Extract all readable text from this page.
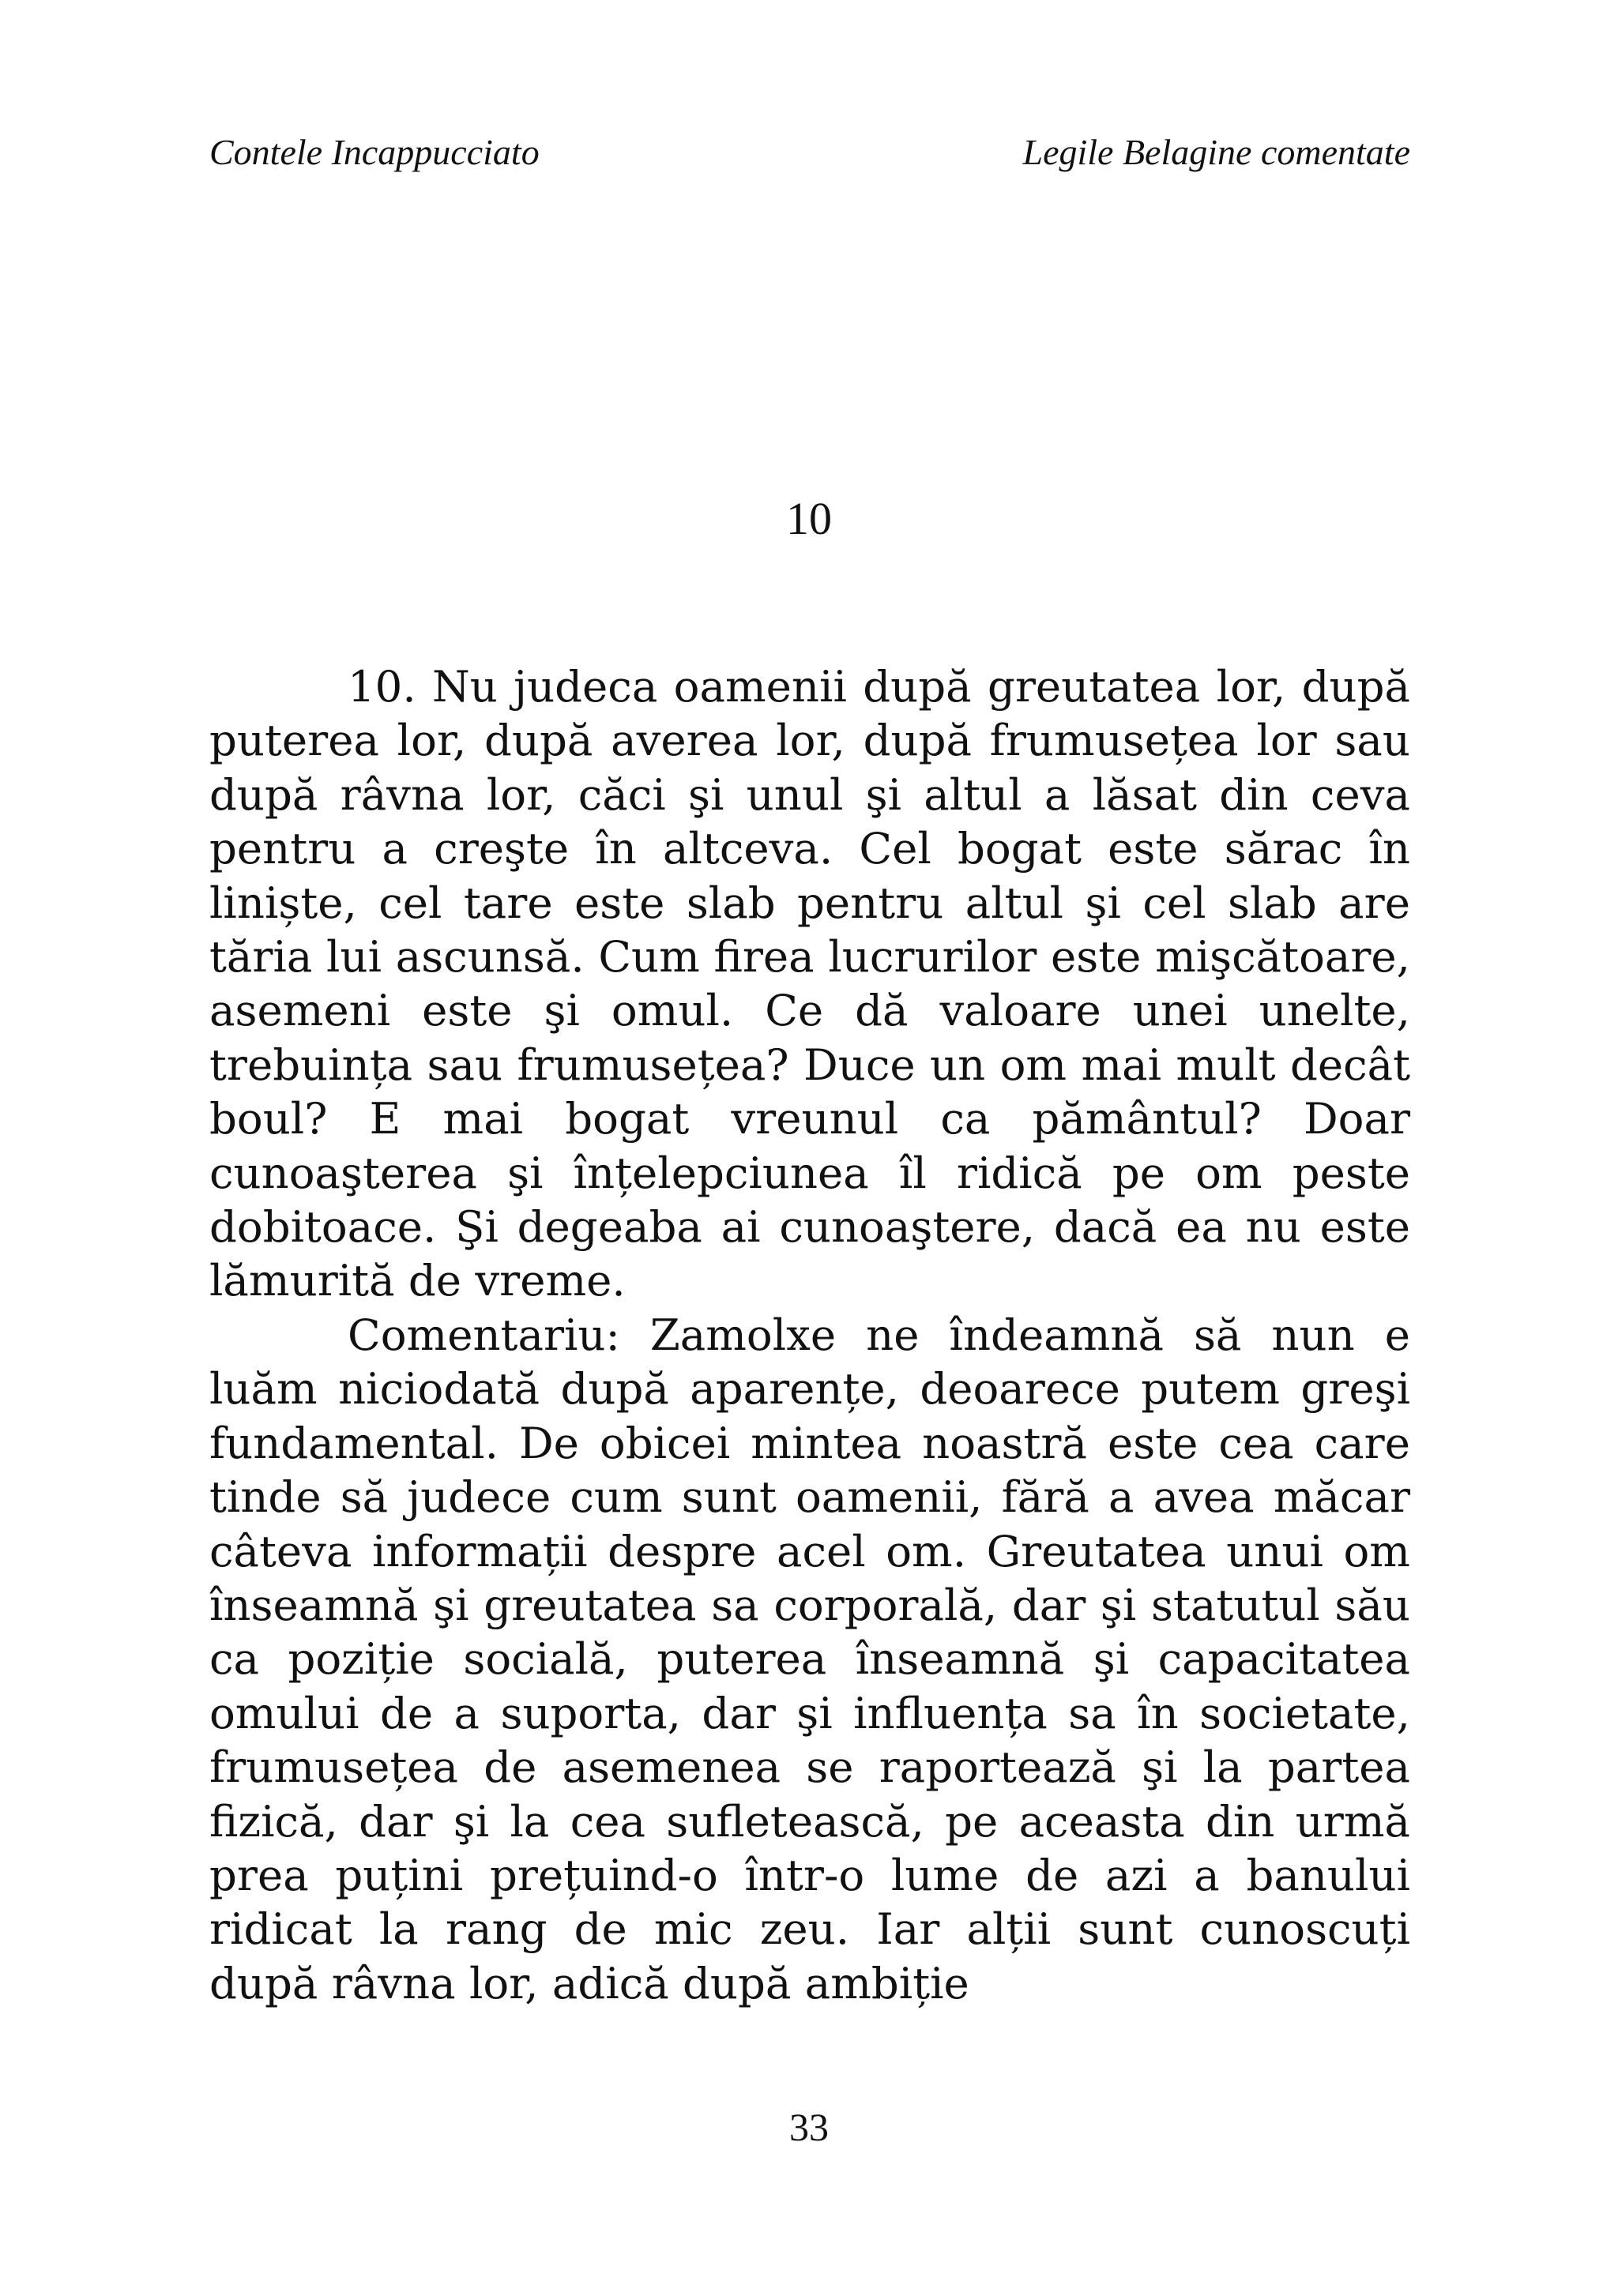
Contele Incappucciato	Legile Belagine comentate
10

10. Nu judeca oamenii după greutatea lor, după puterea lor, după averea lor, după frumusețea lor sau după râvna lor, căci şi unul şi altul a lăsat din ceva pentru a creşte în altceva. Cel bogat este sărac în liniște, cel tare este slab pentru altul şi cel slab are tăria lui ascunsă. Cum firea lucrurilor este mişcătoare, asemeni este şi omul. Ce dă valoare unei unelte, trebuința sau frumusețea? Duce un om mai mult decât boul? E mai bogat vreunul ca pământul? Doar cunoaşterea şi înțelepciunea îl ridică pe om peste dobitoace. Şi degeaba ai cunoaştere, dacă ea nu este lămurită de vreme.

Comentariu: Zamolxe ne îndeamnă să nun e luăm niciodată după aparențe, deoarece putem greşi fundamental. De obicei mintea noastră este cea care tinde să judece cum sunt oamenii, fără a avea măcar câteva informații despre acel om. Greutatea unui om înseamnă şi greutatea sa corporală, dar şi statutul său ca poziție socială, puterea înseamnă şi capacitatea omului de a suporta, dar şi influența sa în societate, frumusețea de asemenea se raportează şi la partea fizică, dar şi la cea sufletească, pe aceasta din urmă prea puțini prețuind-o într-o lume de azi a banului ridicat la rang de mic zeu. Iar alții sunt cunoscuți după râvna lor, adică după ambiție

33
